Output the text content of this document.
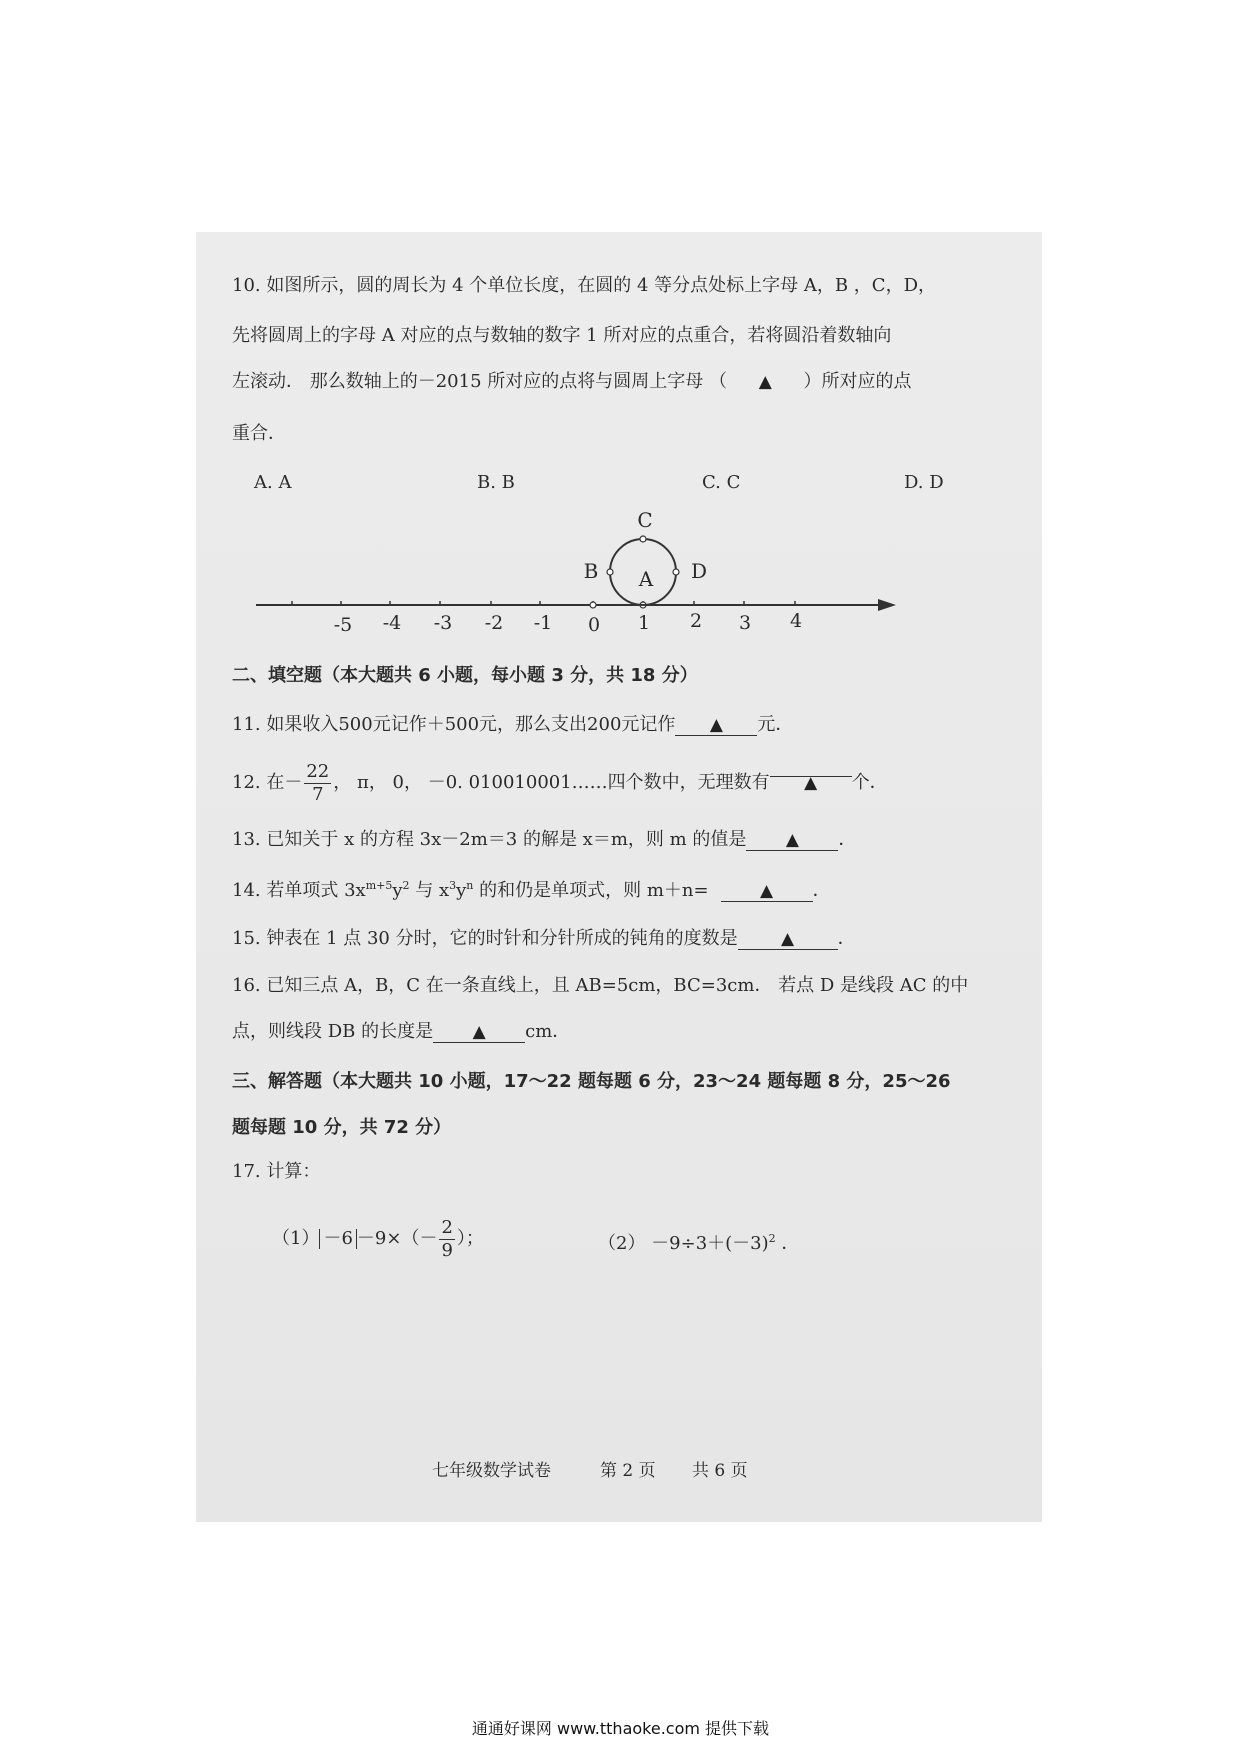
10. 如图所示，圆的周长为 4 个单位长度，在圆的 4 等分点处标上字母 A，B ，C，D，
先将圆周上的字母 A 对应的点与数轴的数字 1 所对应的点重合，若将圆沿着数轴向
左滚动． 那么数轴上的－2015 所对应的点将与圆周上字母 （ ▲ ）所对应的点
重合．
A. A	B. B	C. C	D. D
-5 -4 -3 -2 -1 0 1 2 3 4
C
B A D
二、填空题（本大题共 6 小题，每小题 3 分，共 18 分）
11. 如果收入500元记作＋500元，那么支出200元记作 ▲ 元．
12. 在－ $\frac{22}{7}$ ， π， 0， －0. 010010001……四个数中，无理数有 ▲ 个．
13. 已知关于 x 的方程 3x－2m＝3 的解是 x＝m，则 m 的值是 ▲ ．
14. 若单项式 $3x^{m+5}y^2$ 与 $x^3y^n$ 的和仍是单项式，则 m＋n=	▲ ．
15. 钟表在 1 点 30 分时，它的时针和分针所成的钝角的度数是	▲ ．
16. 已知三点 A，B，C 在一条直线上，且 AB=5cm，BC=3cm． 若点 D 是线段 AC 的中
点，则线段 DB 的长度是 ▲ cm．
三、解答题（本大题共 10 小题，17～22 题每题 6 分，23～24 题每题 8 分，25～26
题每题 10 分，共 72 分）
17. 计算：
$(1) -6 -9\times(- \frac{2}{9}$ ）；	$(2) -9\div 3+(-3)^2$ ．
七年级数学试卷	第 2 页 共 6 页
通通好课网 www.tthaoke.com 提供下载
